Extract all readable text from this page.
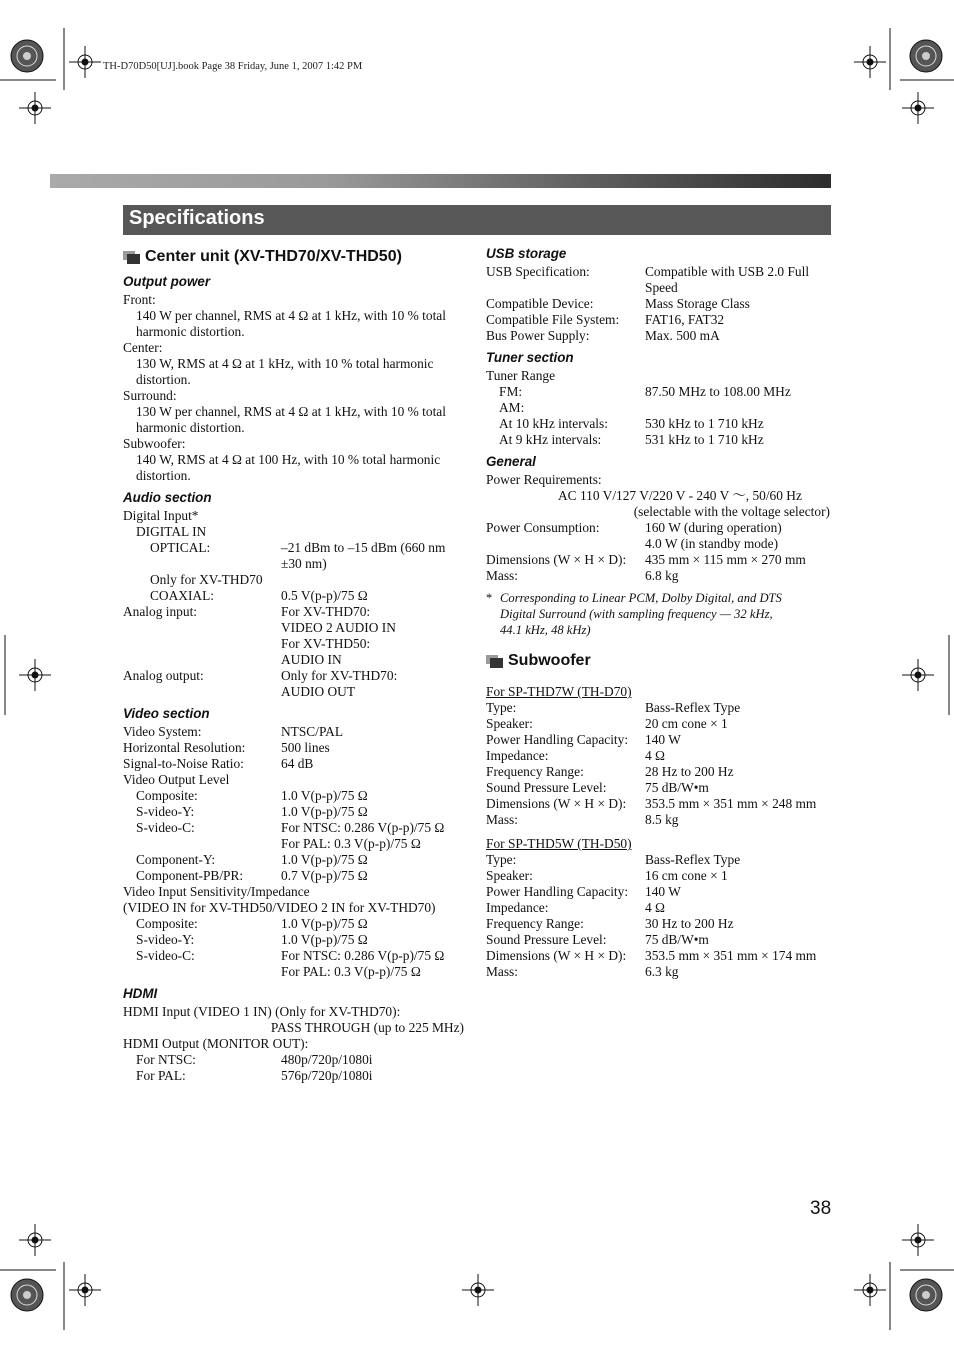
TH-D70D50[UJ].book Page 38 Friday, June 1, 2007 1:42 PM
Specifications
Center unit (XV-THD70/XV-THD50)
Output power
Front:
140 W per channel, RMS at 4 Ω at 1 kHz, with 10 % total
harmonic distortion.
Center:
130 W, RMS at 4 Ω at 1 kHz, with 10 % total harmonic
distortion.
Surround:
130 W per channel, RMS at 4 Ω at 1 kHz, with 10 % total
harmonic distortion.
Subwoofer:
140 W, RMS at 4 Ω at 100 Hz, with 10 % total harmonic
distortion.
Audio section
Digital Input*
DIGITAL IN
OPTICAL:	–21 dBm to –15 dBm (660 nm
±30 nm)
Only for XV-THD70
COAXIAL:	0.5 V(p-p)/75 Ω
Analog input:	For XV-THD70:
VIDEO 2 AUDIO IN
For XV-THD50:
AUDIO IN
Analog output:	Only for XV-THD70:
AUDIO OUT
Video section
Video System:	NTSC/PAL
Horizontal Resolution:	500 lines
Signal-to-Noise Ratio:	64 dB
Video Output Level
Composite:	1.0 V(p-p)/75 Ω
S-video-Y:	1.0 V(p-p)/75 Ω
S-video-C:	For NTSC: 0.286 V(p-p)/75 Ω
For PAL: 0.3 V(p-p)/75 Ω
Component-Y:	1.0 V(p-p)/75 Ω
Component-PB/PR:	0.7 V(p-p)/75 Ω
Video Input Sensitivity/Impedance
(VIDEO IN for XV-THD50/VIDEO 2 IN for XV-THD70)
Composite:	1.0 V(p-p)/75 Ω
S-video-Y:	1.0 V(p-p)/75 Ω
S-video-C:	For NTSC: 0.286 V(p-p)/75 Ω
For PAL: 0.3 V(p-p)/75 Ω
HDMI
HDMI Input (VIDEO 1 IN) (Only for XV-THD70):
PASS THROUGH (up to 225 MHz)
HDMI Output (MONITOR OUT):
For NTSC:	480p/720p/1080i
For PAL:	576p/720p/1080i
USB storage
USB Specification:	Compatible with USB 2.0 Full
Speed
Compatible Device:	Mass Storage Class
Compatible File System:	FAT16, FAT32
Bus Power Supply:	Max. 500 mA
Tuner section
Tuner Range
FM:	87.50 MHz to 108.00 MHz
AM:
At 10 kHz intervals:	530 kHz to 1 710 kHz
At 9 kHz intervals:	531 kHz to 1 710 kHz
General
Power Requirements:
AC 110 V/127 V/220 V - 240 V ～, 50/60 Hz
(selectable with the voltage selector)
Power Consumption:	160 W (during operation)
4.0 W (in standby mode)
Dimensions (W × H × D):	435 mm × 115 mm × 270 mm
Mass:	6.8 kg
* Corresponding to Linear PCM, Dolby Digital, and DTS
Digital Surround (with sampling frequency — 32 kHz,
44.1 kHz, 48 kHz)
Subwoofer
For SP-THD7W (TH-D70)
Type:	Bass-Reflex Type
Speaker:	20 cm cone × 1
Power Handling Capacity:	140 W
Impedance:	4 Ω
Frequency Range:	28 Hz to 200 Hz
Sound Pressure Level:	75 dB/W•m
Dimensions (W × H × D):	353.5 mm × 351 mm × 248 mm
Mass:	8.5 kg
For SP-THD5W (TH-D50)
Type:	Bass-Reflex Type
Speaker:	16 cm cone × 1
Power Handling Capacity:	140 W
Impedance:	4 Ω
Frequency Range:	30 Hz to 200 Hz
Sound Pressure Level:	75 dB/W•m
Dimensions (W × H × D):	353.5 mm × 351 mm × 174 mm
Mass:	6.3 kg
38
